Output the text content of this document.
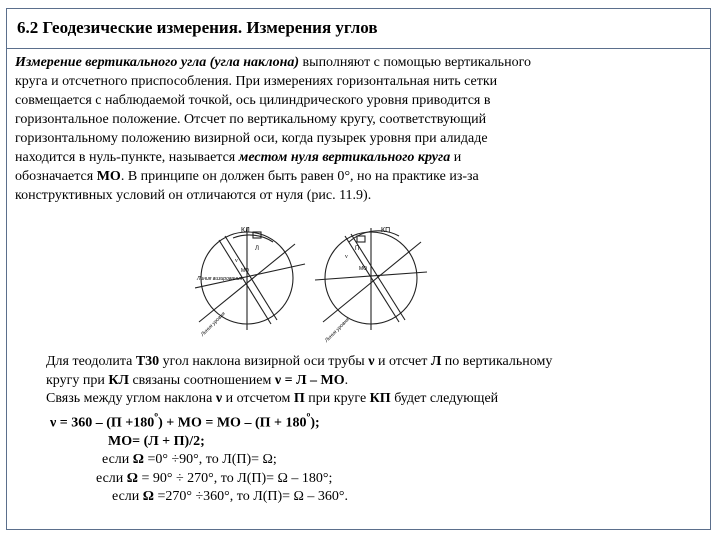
6.2 Геодезические измерения. Измерения углов
Измерение вертикального угла (угла наклона) выполняют с помощью вертикального
круга и отсчетного приспособления. При измерениях горизонтальная нить сетки
совмещается с наблюдаемой точкой, ось цилиндрического уровня приводится в
горизонтальное положение. Отсчет по вертикальному кругу, соответствующий
горизонтальному положению визирной оси, когда пузырек уровня при алидаде
находится в нуль-пункте, называется местом нуля вертикального круга и
обозначается МО. В принципе он должен быть равен 0°, но на практике из-за
конструктивных условий он отличаются от нуля (рис. 11.9).
КЛ
Линия визирования
Линия уровня
Л
ν
МО
КП
П
ν
МО
Линия уровня
Для теодолита Т30 угол наклона визирной оси трубы ν и отсчет Л по вертикальному
кругу при КЛ связаны соотношением ν = Л – МО.
Связь между углом наклона ν и отсчетом П при круге КП будет следующей
$\nu = 360 - (П +180^º)$ + МО = МО – $(П + 180^º)$;
МО= (Л + П)/2;
если Ω =0° ÷90°, то Л(П)= Ω;
если Ω = 90° ÷ 270°, то Л(П)= Ω – 180°;
если Ω =270° ÷360°, то Л(П)= Ω – 360°.
